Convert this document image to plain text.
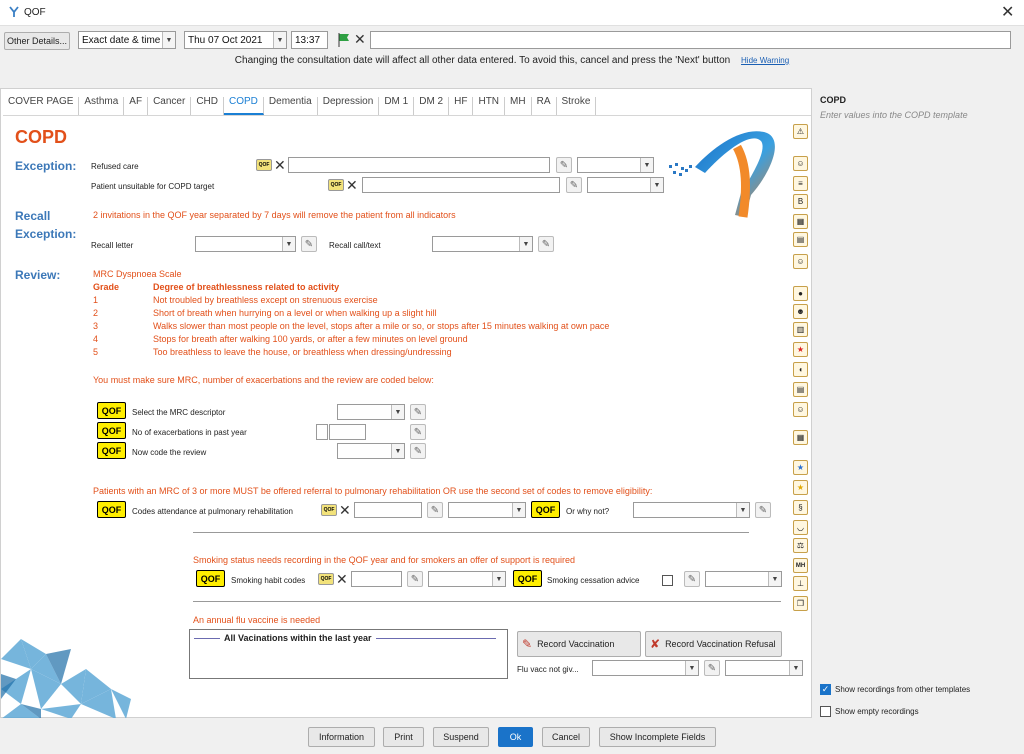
QOF	✕
Other Details... Exact date & time ▼ Thu 07 Oct 2021	▼ 13:37 ✕
Changing the consultation date will affect all other data entered. To avoid this, cancel and press the 'Next' button Hide Warning
COVER PAGE	Asthma	AF	Cancer	CHD	COPD	Dementia	Depression	DM 1	DM 2	HF	HTN	MH	RA	Stroke
COPD
Exception: Refused care	QOF ✕	✎	▼
Patient unsuitable for COPD target	QOF ✕	✎	▼
Recall
Exception:
2 invitations in the QOF year separated by 7 days will remove the patient from all indicators
Recall letter	▼	✎	Recall call/text	▼	✎
Review:	MRC Dyspnoea Scale
Grade	Degree of breathlessness related to activity
1	Not troubled by breathless except on strenuous exercise
2	Short of breath when hurrying on a level or when walking up a slight hill
3	Walks slower than most people on the level, stops after a mile or so, or stops after 15 minutes walking at own pace
4	Stops for breath after walking 100 yards, or after a few minutes on level ground
5	Too breathless to leave the house, or breathless when dressing/undressing
You must make sure MRC, number of exacerbations and the review are coded below:
QOF	Select the MRC descriptor	▼	✎
QOF	No of exacerbations in past year	✎
QOF	Now code the review	▼	✎
Patients with an MRC of 3 or more MUST be offered referral to pulmonary rehabilitation OR use the second set of codes to remove eligibility:
QOF	Codes attendance at pulmonary rehabilitation	QOF ✕	✎	▼	QOF	Or why not?	▼	✎
Smoking status needs recording in the QOF year and for smokers an offer of support is required
QOF	Smoking habit codes	QOF ✕	✎	▼	QOF	Smoking cessation advice	✎	▼
An annual flu vaccine is needed
All Vacinations within the last year	✎ Record Vaccination	✘ Record Vaccination Refusal
Flu vacc not giv...	▼	✎	▼
⚠
☺
≡
B
▦
▤
☺
●
☻
▥
★
◖
▤
☺
▦
★
★
§
◡
⚖
MH
⊥
❐
COPD
Enter values into the COPD template
✓ Show recordings from other templates
Show empty recordings
Information	Print	Suspend	Ok	Cancel	Show Incomplete Fields
